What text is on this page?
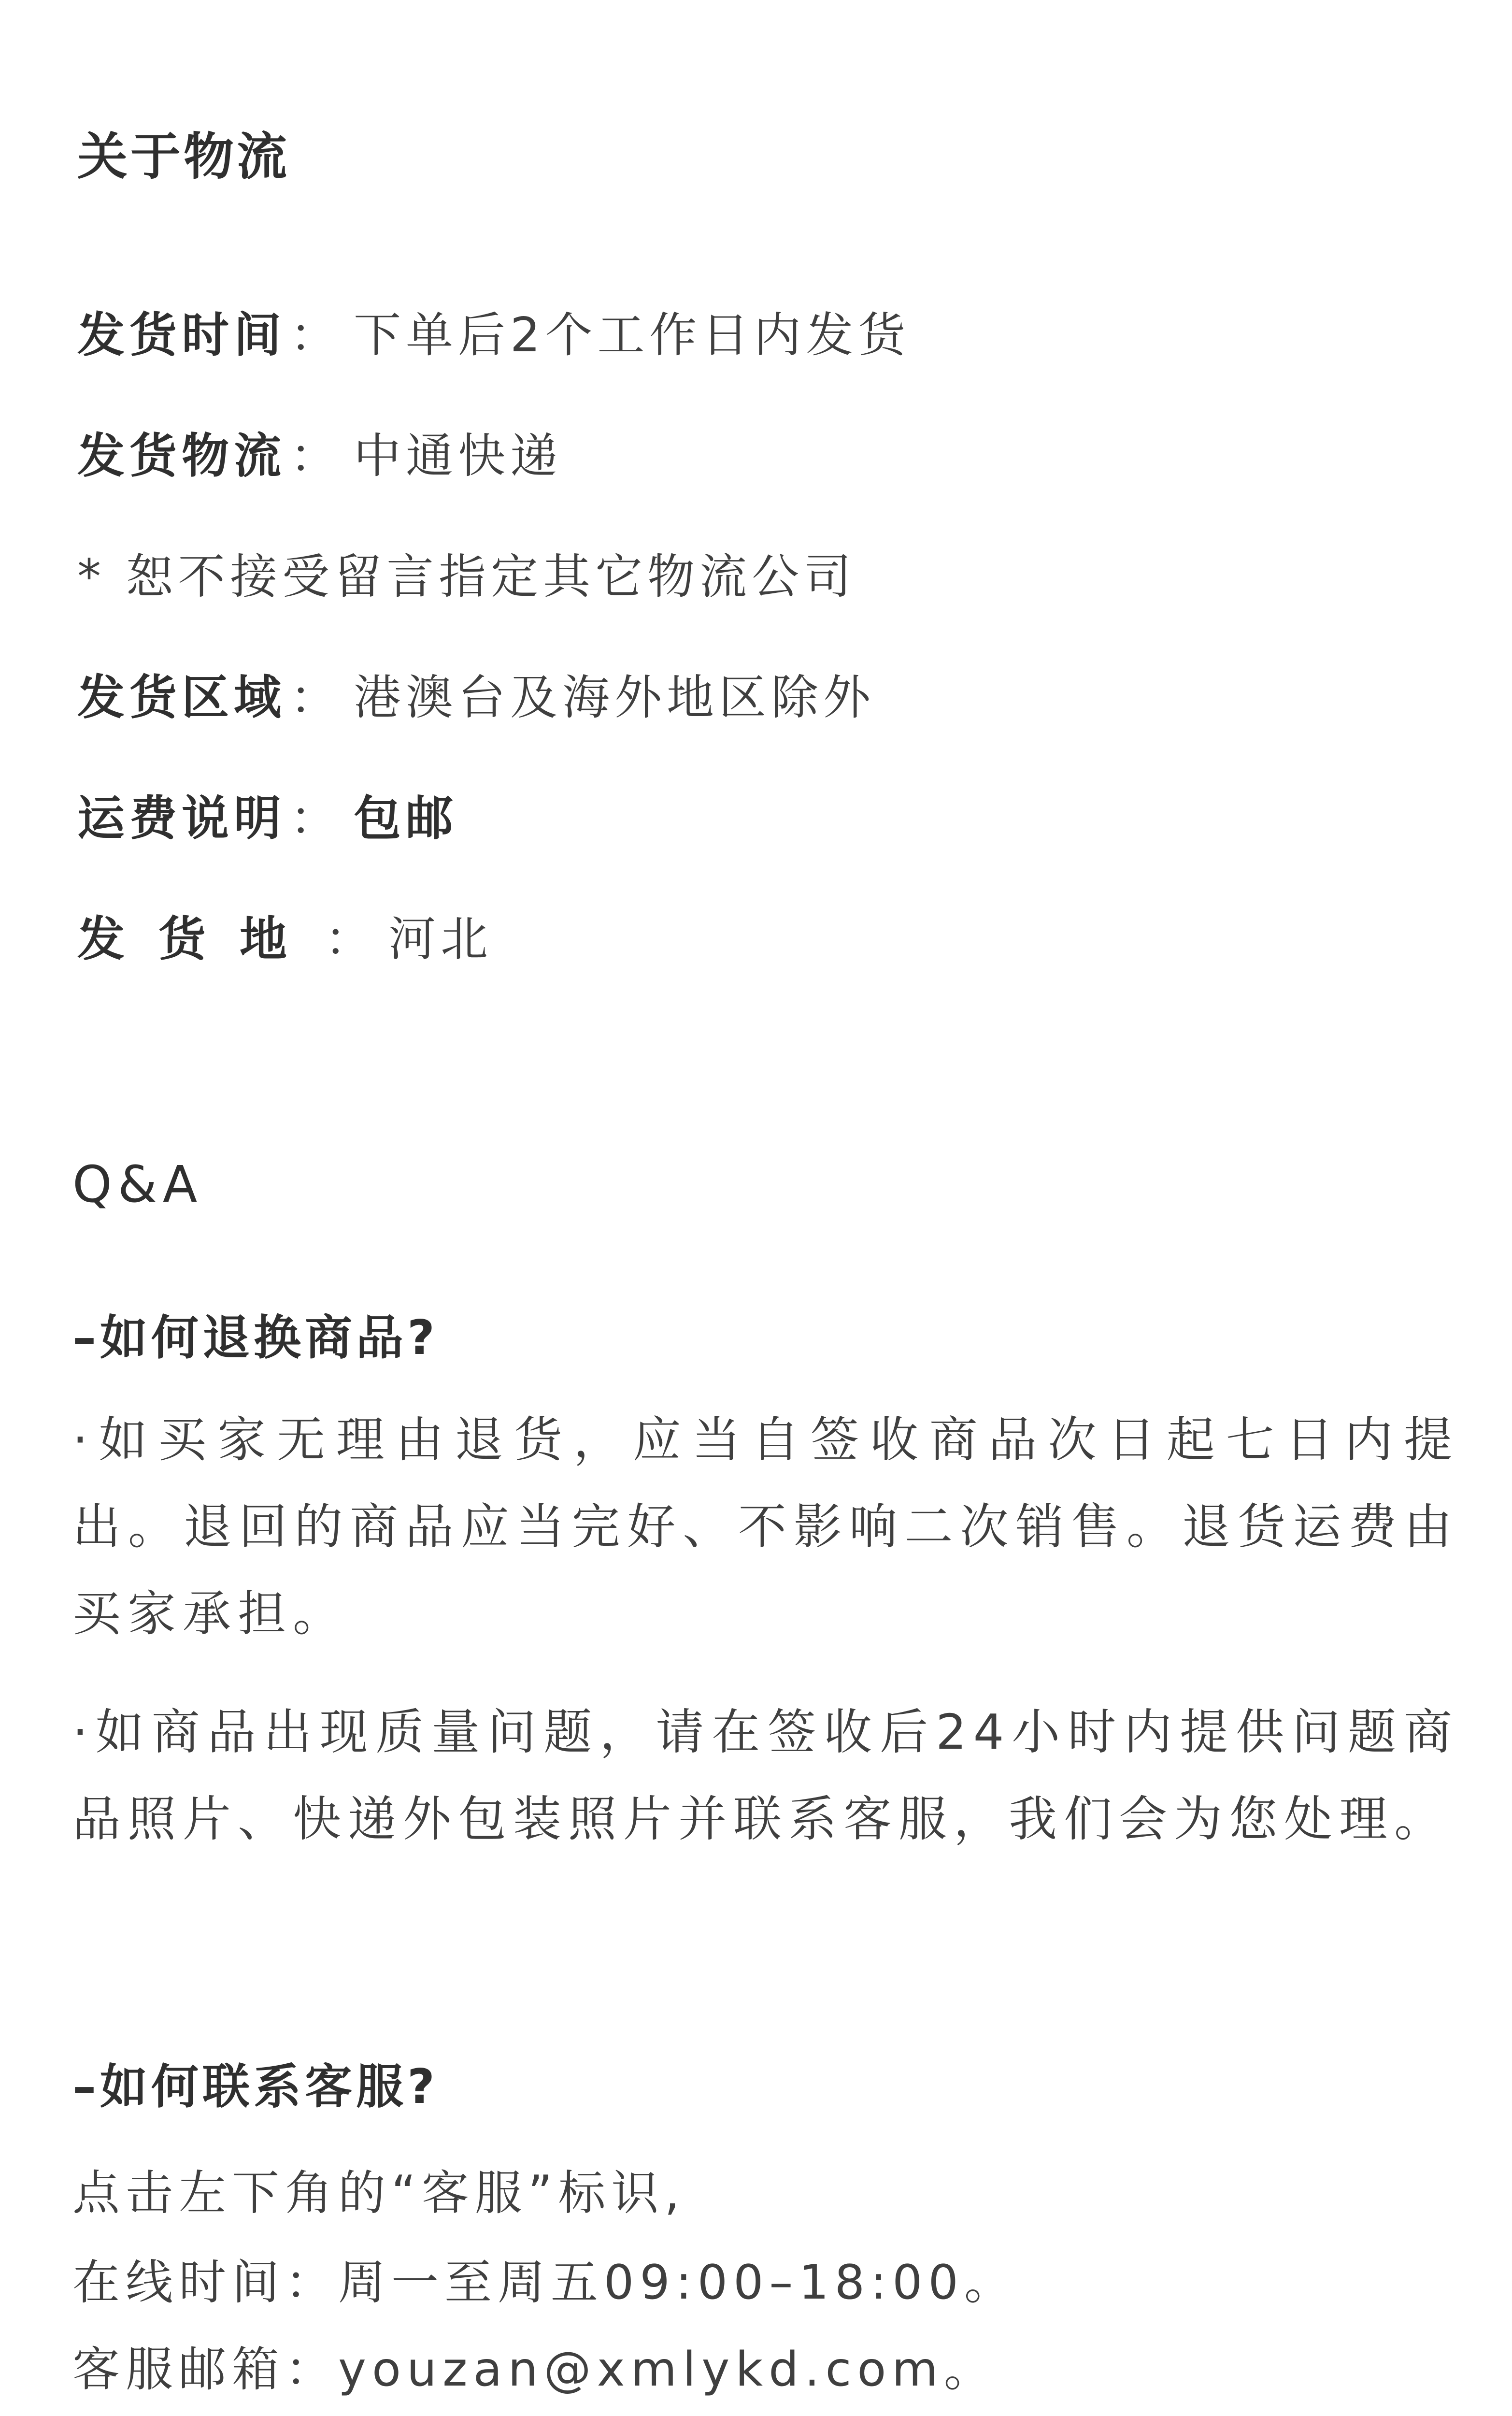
关于物流
发货时间： 下单后2个工作日内发货
发货物流： 中通快递
* 恕不接受留言指定其它物流公司
发货区域： 港澳台及海外地区除外
运费说明： 包邮
发货地： 河北
Q&A
–如何退换商品?
·如买家无理由退货，应当自签收商品次日起七日内提出。退回的商品应当完好、不影响二次销售。退货运费由买家承担。
·如商品出现质量问题，请在签收后24小时内提供问题商品照片、快递外包装照片并联系客服，我们会为您处理。
–如何联系客服?
点击左下角的“客服”标识,
在线时间：周一至周五09:00–18:00。
客服邮箱：youzan@xmlykd.com。
